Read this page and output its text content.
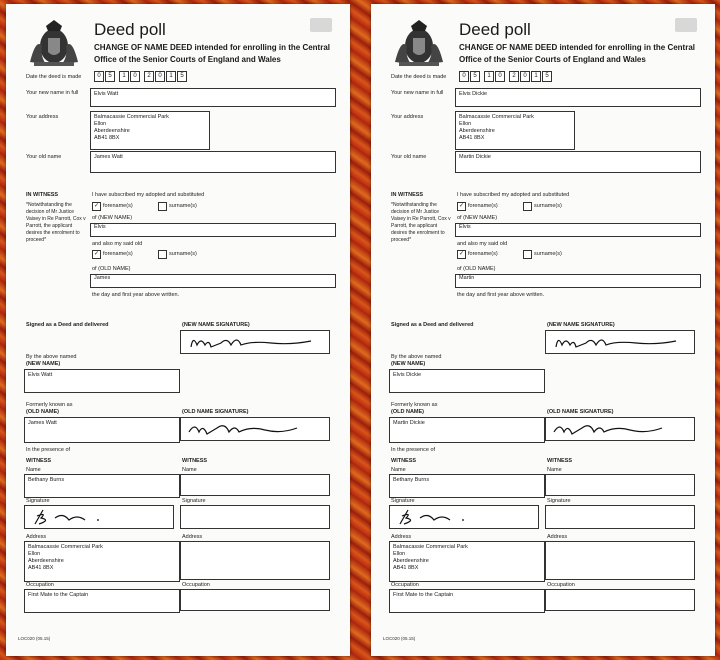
Deed poll
CHANGE OF NAME DEED intended for enrolling in the Central Office of the Senior Courts of England and Wales
Date the deed is made	0	5	1	0	2	0	1	5
Your new name in full	Elvis Watt
Your address	Balmacassie Commercial Park
Ellon
Aberdeenshire
AB41 8BX
Your old name	James Watt
IN WITNESS
*Notwithstanding the decision of Mr Justice Vaisey in Re Parrott, Cox v Parrott, the applicant desires the enrolment to proceed*
I have subscribed my adopted and substituted
✓ forename(s)	surname(s)
of (NEW NAME)
Elvis
and also my said old
✓ forename(s)	surname(s)
of (OLD NAME)
James
the day and first year above written.
Signed as a Deed and delivered	(NEW NAME SIGNATURE)
By the above named
(NEW NAME)
Elvis Watt
Formerly known as
(OLD NAME)
James Watt
(OLD NAME SIGNATURE)
In the presence of
WITNESS	WITNESS
Name
Bethany Burns
Name
Signature	Signature
Address
Balmacassie Commercial Park
Ellon
Aberdeenshire
AB41 8BX
Address
Occupation
First Mate to the Captain
Occupation
LOC020 (05.15)
Deed poll
CHANGE OF NAME DEED intended for enrolling in the Central Office of the Senior Courts of England and Wales
Date the deed is made	0	5	1	0	2	0	1	5
Your new name in full	Elvis Dickie
Your address	Balmacassie Commercial Park
Ellon
Aberdeenshire
AB41 8BX
Your old name	Martin Dickie
IN WITNESS
*Notwithstanding the decision of Mr Justice Vaisey in Re Parrott, Cox v Parrott, the applicant desires the enrolment to proceed*
I have subscribed my adopted and substituted
✓ forename(s)	surname(s)
of (NEW NAME)
Elvis
and also my said old
✓ forename(s)	surname(s)
of (OLD NAME)
Martin
the day and first year above written.
Signed as a Deed and delivered	(NEW NAME SIGNATURE)
By the above named
(NEW NAME)
Elvis Dickie
Formerly known as
(OLD NAME)
Martin Dickie
(OLD NAME SIGNATURE)
In the presence of
WITNESS	WITNESS
Name
Bethany Burns
Name
Signature	Signature
Address
Balmacassie Commercial Park
Ellon
Aberdeenshire
AB41 8BX
Address
Occupation
First Mate to the Captain
Occupation
LOC020 (05.15)
